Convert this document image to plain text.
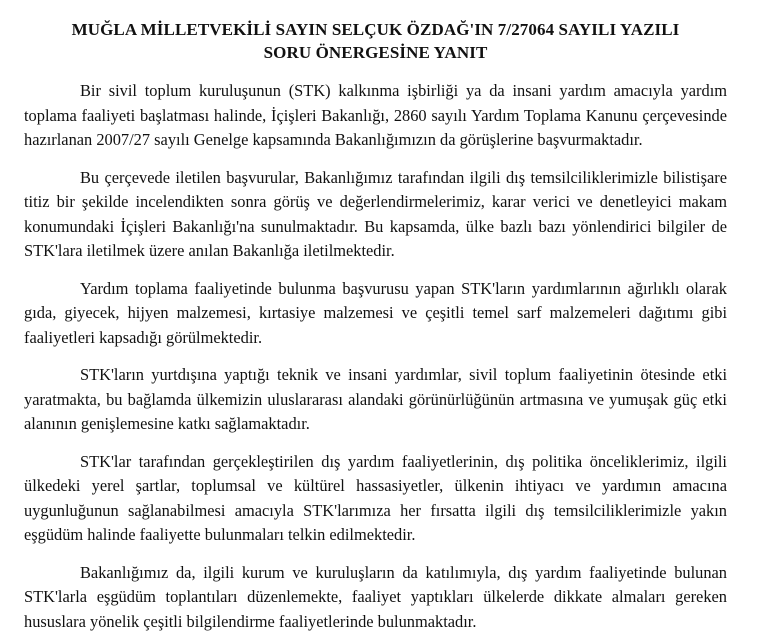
MUĞLA MİLLETVEKİLİ SAYIN SELÇUK ÖZDAĞ'IN 7/27064 SAYILI YAZILI
SORU ÖNERGESİNE YANIT

Bir sivil toplum kuruluşunun (STK) kalkınma işbirliği ya da insani yardım amacıyla yardım toplama faaliyeti başlatması halinde, İçişleri Bakanlığı, 2860 sayılı Yardım Toplama Kanunu çerçevesinde hazırlanan 2007/27 sayılı Genelge kapsamında Bakanlığımızın da görüşlerine başvurmaktadır.

Bu çerçevede iletilen başvurular, Bakanlığımız tarafından ilgili dış temsilciliklerimizle bilistişare titiz bir şekilde incelendikten sonra görüş ve değerlendirmelerimiz, karar verici ve denetleyici makam konumundaki İçişleri Bakanlığı'na sunulmaktadır. Bu kapsamda, ülke bazlı bazı yönlendirici bilgiler de STK'lara iletilmek üzere anılan Bakanlığa iletilmektedir.

Yardım toplama faaliyetinde bulunma başvurusu yapan STK'ların yardımlarının ağırlıklı olarak gıda, giyecek, hijyen malzemesi, kırtasiye malzemesi ve çeşitli temel sarf malzemeleri dağıtımı gibi faaliyetleri kapsadığı görülmektedir.

STK'ların yurtdışına yaptığı teknik ve insani yardımlar, sivil toplum faaliyetinin ötesinde etki yaratmakta, bu bağlamda ülkemizin uluslararası alandaki görünürlüğünün artmasına ve yumuşak güç etki alanının genişlemesine katkı sağlamaktadır.

STK'lar tarafından gerçekleştirilen dış yardım faaliyetlerinin, dış politika önceliklerimiz, ilgili ülkedeki yerel şartlar, toplumsal ve kültürel hassasiyetler, ülkenin ihtiyacı ve yardımın amacına uygunluğunun sağlanabilmesi amacıyla STK'larımıza her fırsatta ilgili dış temsilciliklerimizle yakın eşgüdüm halinde faaliyette bulunmaları telkin edilmektedir.

Bakanlığımız da, ilgili kurum ve kuruluşların da katılımıyla, dış yardım faaliyetinde bulunan STK'larla eşgüdüm toplantıları düzenlemekte, faaliyet yaptıkları ülkelerde dikkate almaları gereken hususlara yönelik çeşitli bilgilendirme faaliyetlerinde bulunmaktadır.
